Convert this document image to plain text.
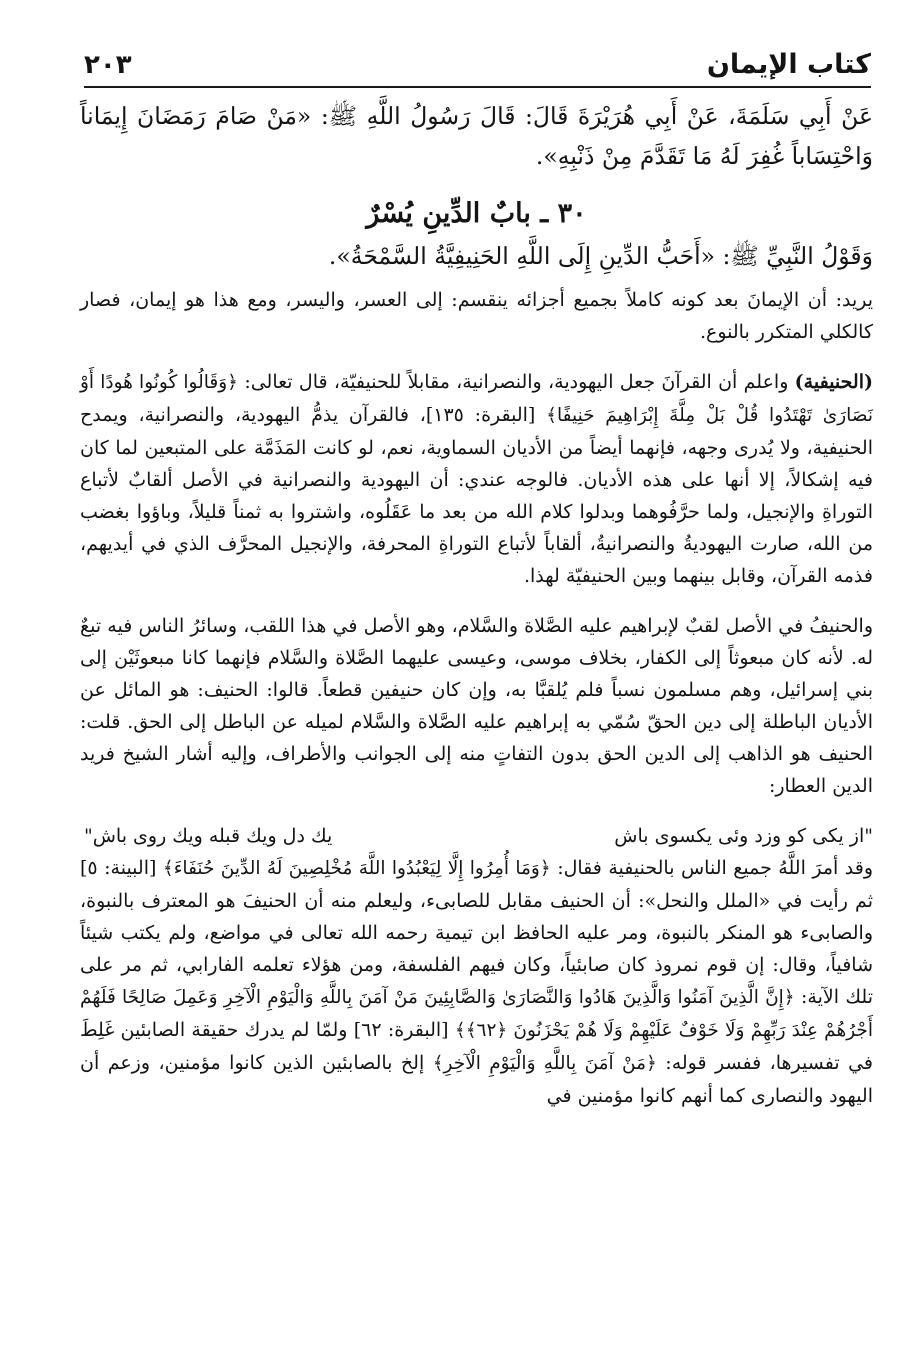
كتاب الإيمان
٢٠٣

عَنْ أَبِي سَلَمَةَ، عَنْ أَبِي هُرَيْرَةَ قَالَ: قَالَ رَسُولُ اللَّهِ ﷺ: «مَنْ صَامَ رَمَضَانَ إِيمَاناً وَاحْتِسَاباً غُفِرَ لَهُ مَا تَقَدَّمَ مِنْ ذَنْبِهِ».

٣٠ ـ بابٌ الدِّينِ يُسْرٌ

وَقَوْلُ النَّبِيِّ ﷺ: «أَحَبُّ الدِّينِ إِلَى اللَّهِ الحَنِيفِيَّةُ السَّمْحَةُ».

يريد: أن الإيمانَ بعد كونه كاملاً بجميع أجزائه ينقسم: إلى العسر، واليسر، ومع هذا هو إيمان، فصار كالكلي المتكرر بالنوع.

(الحنيفية) واعلم أن القرآنَ جعل اليهودية، والنصرانية، مقابلاً للحنيفيّة، قال تعالى: ﴿وَقَالُوا كُونُوا هُودًا أَوْ نَصَارَىٰ تَهْتَدُوا قُلْ بَلْ مِلَّةَ إِبْرَاهِيمَ حَنِيفًا﴾ [البقرة: ١٣٥]، فالقرآن يذمُّ اليهودية، والنصرانية، ويمدح الحنيفية، ولا يُدرى وجهه، فإنهما أيضاً من الأديان السماوية، نعم، لو كانت المَذَمَّة على المتبعين لما كان فيه إشكالاً، إلا أنها على هذه الأديان. فالوجه عندي: أن اليهودية والنصرانية في الأصل ألقابٌ لأتباع التوراةِ والإنجيل، ولما حرَّفُوهما وبدلوا كلام الله من بعد ما عَقَلُوه، واشتروا به ثمناً قليلاً، وباؤوا بغضب من الله، صارت اليهوديةُ والنصرانيةُ، ألقاباً لأتباع التوراةِ المحرفة، والإنجيل المحرَّف الذي في أيديهم، فذمه القرآن، وقابل بينهما وبين الحنيفيّة لهذا.

والحنيفُ في الأصل لقبٌ لإبراهيم عليه الصَّلاة والسَّلام، وهو الأصل في هذا اللقب، وسائرُ الناس فيه تبعٌ له. لأنه كان مبعوثاً إلى الكفار، بخلاف موسى، وعيسى عليهما الصَّلاة والسَّلام فإنهما كانا مبعوثَيْن إلى بني إسرائيل، وهم مسلمون نسباً فلم يُلقبَّا به، وإن كان حنيفين قطعاً. قالوا: الحنيف: هو المائل عن الأديان الباطلة إلى دين الحقّ سُمّي به إبراهيم عليه الصَّلاة والسَّلام لميله عن الباطل إلى الحق. قلت: الحنيف هو الذاهب إلى الدين الحق بدون التفاتٍ منه إلى الجوانب والأطراف، وإليه أشار الشيخ فريد الدين العطار:

"از يكى كو وزد وئى يكسوى باش
يك دل ويك قبله ويك روى باش"

وقد أمرَ اللَّهُ جميع الناس بالحنيفية فقال: ﴿وَمَا أُمِرُوا إِلَّا لِيَعْبُدُوا اللَّهَ مُخْلِصِينَ لَهُ الدِّينَ حُنَفَاءَ﴾ [البينة: ٥] ثم رأيت في «الملل والنحل»: أن الحنيف مقابل للصابىء، وليعلم منه أن الحنيفَ هو المعترف بالنبوة، والصابىء هو المنكر بالنبوة، ومر عليه الحافظ ابن تيمية رحمه الله تعالى في مواضع، ولم يكتب شيئاً شافياً، وقال: إن قوم نمروذ كان صابئياً، وكان فيهم الفلسفة، ومن هؤلاء تعلمه الفارابي، ثم مر على تلك الآية: ﴿إِنَّ الَّذِينَ آمَنُوا وَالَّذِينَ هَادُوا وَالنَّصَارَىٰ وَالصَّابِئِينَ مَنْ آمَنَ بِاللَّهِ وَالْيَوْمِ الْآخِرِ وَعَمِلَ صَالِحًا فَلَهُمْ أَجْرُهُمْ عِنْدَ رَبِّهِمْ وَلَا خَوْفٌ عَلَيْهِمْ وَلَا هُمْ يَحْزَنُونَ ﴿٦٢﴾﴾ [البقرة: ٦٢] ولمّا لم يدرك حقيقة الصابئين غَلِطَ في تفسيرها، ففسر قوله: ﴿مَنْ آمَنَ بِاللَّهِ وَالْيَوْمِ الْآخِرِ﴾ إلخ بالصابئين الذين كانوا مؤمنين، وزعم أن اليهود والنصارى كما أنهم كانوا مؤمنين في
